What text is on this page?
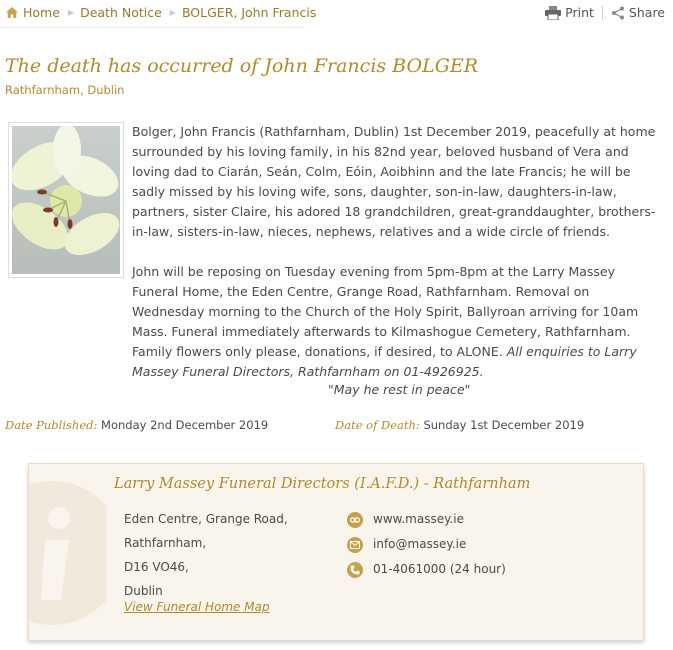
Home ▶ Death Notice ▶ BOLGER, John Francis	Print	Share
The death has occurred of John Francis BOLGER
Rathfarnham, Dublin

Bolger, John Francis (Rathfarnham, Dublin) 1st December 2019, peacefully at home surrounded by his loving family, in his 82nd year, beloved husband of Vera and loving dad to Ciarán, Seán, Colm, Eóin, Aoibhinn and the late Francis; he will be sadly missed by his loving wife, sons, daughter, son-in-law, daughters-in-law, partners, sister Claire, his adored 18 grandchildren, great-granddaughter, brothers-in-law, sisters-in-law, nieces, nephews, relatives and a wide circle of friends.

John will be reposing on Tuesday evening from 5pm-8pm at the Larry Massey Funeral Home, the Eden Centre, Grange Road, Rathfarnham. Removal on Wednesday morning to the Church of the Holy Spirit, Ballyroan arriving for 10am Mass. Funeral immediately afterwards to Kilmashogue Cemetery, Rathfarnham. Family flowers only please, donations, if desired, to ALONE. All enquiries to Larry Massey Funeral Directors, Rathfarnham on 01-4926925.

"May he rest in peace"
Date Published: Monday 2nd December 2019	Date of Death: Sunday 1st December 2019
Larry Massey Funeral Directors (I.A.F.D.) - Rathfarnham
Eden Centre, Grange Road,
Rathfarnham,
D16 VO46,
Dublin
View Funeral Home Map
www.massey.ie
info@massey.ie
01-4061000 (24 hour)
